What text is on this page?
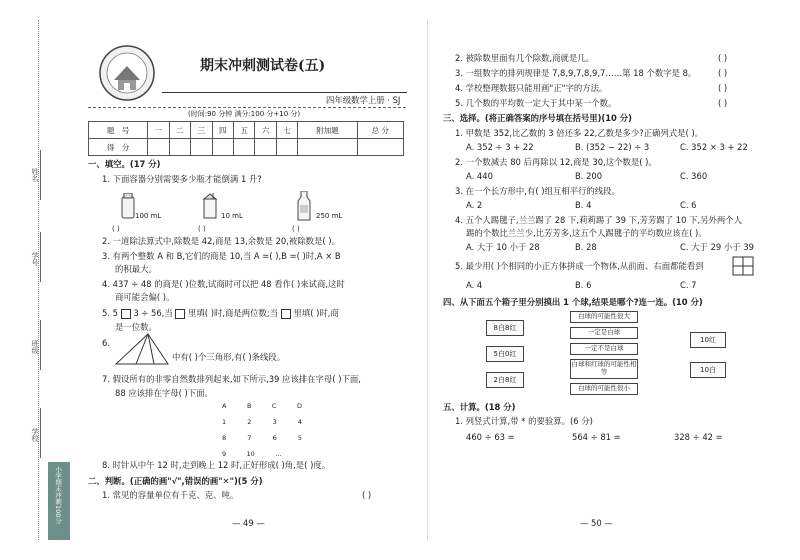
姓名
学号
班级
学校
小学期末冲刺100分
期末冲刺测试卷(五)
四年级数学上册 · SJ
(时间:90 分钟 满分:100 分+10 分)
题　号	一	二	三	四	五	六	七	附加题	总 分
得　分									
一、填空。(17 分)
1. 下面容器分别需要多少瓶才能倒满 1 升?
100 mL	10 mL	250 mL
( )	( )	( )
2. 一道除法算式中,除数是 42,商是 13,余数是 20,被除数是( )。
3. 有两个整数 A 和 B,它们的商是 10,当 A =( ),B =( )时,A × B
的积最大。
4. 437 ÷ 48 的商是( )位数,试商时可以把 48 看作( )来试商,这时
商可能会偏( )。
5. 5 3 ÷ 56,当 里填( )时,商是两位数;当 里填( )时,商
是一位数。
6.
中有( )个三角形,有( )条线段。
7. 假设所有的非零自然数排列起来,如下所示,39 应该排在字母( )下面,
88 应该排在字母( )下面。
A	B	C	D
1	2	3	4
8	7	6	5
9	10	…
8. 时针从中午 12 时,走到晚上 12 时,正好形成( )角,是( )度。
二、判断。(正确的画"√",错误的画"✕")(5 分)
1. 常见的容量单位有千克、克、吨。	( )
— 49 —
2. 被除数里面有几个除数,商就是几。	( )
3. 一组数字的排列规律是 7,8,9,7,8,9,7……第 18 个数字是 8。	( )
4. 学校整理数据只能用画"正"字的方法。	( )
5. 几个数的平均数一定大于其中某一个数。	( )
三、选择。(将正确答案的序号填在括号里)(10 分)
1. 甲数是 352,比乙数的 3 倍还多 22,乙数是多少?正确列式是( )。
A. 352 ÷ 3 + 22	B. (352 − 22) ÷ 3	C. 352 × 3 + 22
2. 一个数减去 80 后再除以 12,商是 30,这个数是( )。
A. 440	B. 200	C. 360
3. 在一个长方形中,有( )组互相平行的线段。
A. 2	B. 4	C. 6
4. 五个人踢毽子,兰兰踢了 28 下,莉莉踢了 39 下,芳芳踢了 10 下,另外两个人
踢的个数比兰兰少,比芳芳多,这五个人踢毽子的平均数应该在( )。
A. 大于 10 小于 28	B. 28	C. 大于 29 小于 39
5. 最少用( )个相同的小正方体拼成一个物体,从前面、右面都能看到
A. 4	B. 6	C. 7
四、从下面五个箱子里分别摸出 1 个球,结果是哪个?连一连。(10 分)
8白8红
5白0红
2白8红
白球的可能性很大
一定是白球
一定不是白球
白球和红球的可能性相等
白球的可能性很小
10红
10白
五、计算。(18 分)
1. 列竖式计算,带 * 的要验算。(6 分)
460 ÷ 63 =	564 ÷ 81 =	328 ÷ 42 =
— 50 —
